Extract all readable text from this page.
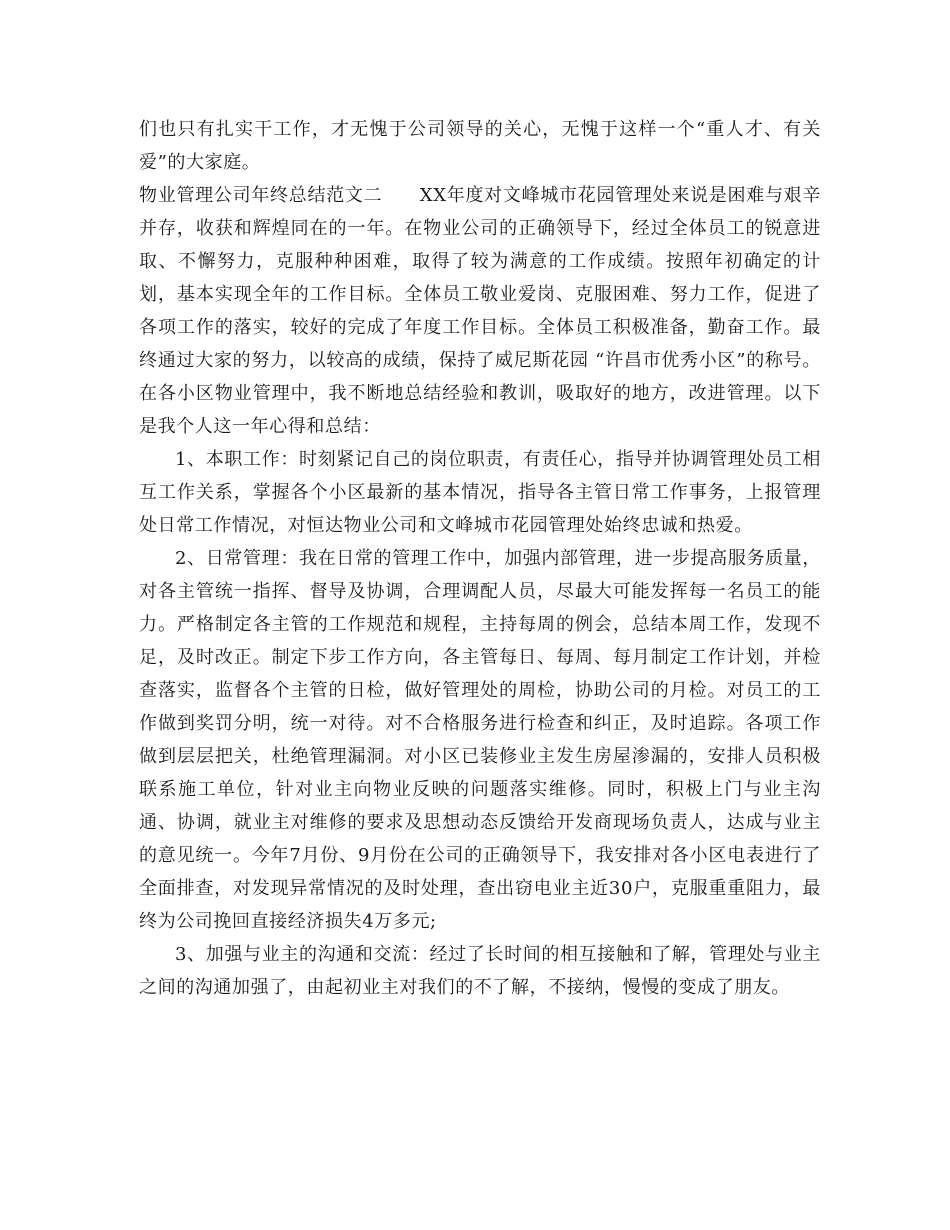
们也只有扎实干工作，才无愧于公司领导的关心，无愧于这样一个“重人才、有关爱”的大家庭。

物业管理公司年终总结范文二　　XX年度对文峰城市花园管理处来说是困难与艰辛并存，收获和辉煌同在的一年。在物业公司的正确领导下，经过全体员工的锐意进取、不懈努力，克服种种困难，取得了较为满意的工作成绩。按照年初确定的计划，基本实现全年的工作目标。全体员工敬业爱岗、克服困难、努力工作，促进了各项工作的落实，较好的完成了年度工作目标。全体员工积极准备，勤奋工作。最终通过大家的努力，以较高的成绩，保持了威尼斯花园 “许昌市优秀小区”的称号。在各小区物业管理中，我不断地总结经验和教训，吸取好的地方，改进管理。以下是我个人这一年心得和总结：

1、本职工作：时刻紧记自己的岗位职责，有责任心，指导并协调管理处员工相互工作关系，掌握各个小区最新的基本情况，指导各主管日常工作事务，上报管理处日常工作情况，对恒达物业公司和文峰城市花园管理处始终忠诚和热爱。

2、日常管理：我在日常的管理工作中，加强内部管理，进一步提高服务质量，对各主管统一指挥、督导及协调，合理调配人员，尽最大可能发挥每一名员工的能力。严格制定各主管的工作规范和规程，主持每周的例会，总结本周工作，发现不足，及时改正。制定下步工作方向，各主管每日、每周、每月制定工作计划，并检查落实，监督各个主管的日检，做好管理处的周检，协助公司的月检。对员工的工作做到奖罚分明，统一对待。对不合格服务进行检查和纠正，及时追踪。各项工作做到层层把关，杜绝管理漏洞。对小区已装修业主发生房屋渗漏的，安排人员积极联系施工单位，针对业主向物业反映的问题落实维修。同时，积极上门与业主沟通、协调，就业主对维修的要求及思想动态反馈给开发商现场负责人，达成与业主的意见统一。今年7月份、9月份在公司的正确领导下，我安排对各小区电表进行了全面排查，对发现异常情况的及时处理，查出窃电业主近30户，克服重重阻力，最终为公司挽回直接经济损失4万多元;

3、加强与业主的沟通和交流：经过了长时间的相互接触和了解，管理处与业主之间的沟通加强了，由起初业主对我们的不了解，不接纳，慢慢的变成了朋友。
